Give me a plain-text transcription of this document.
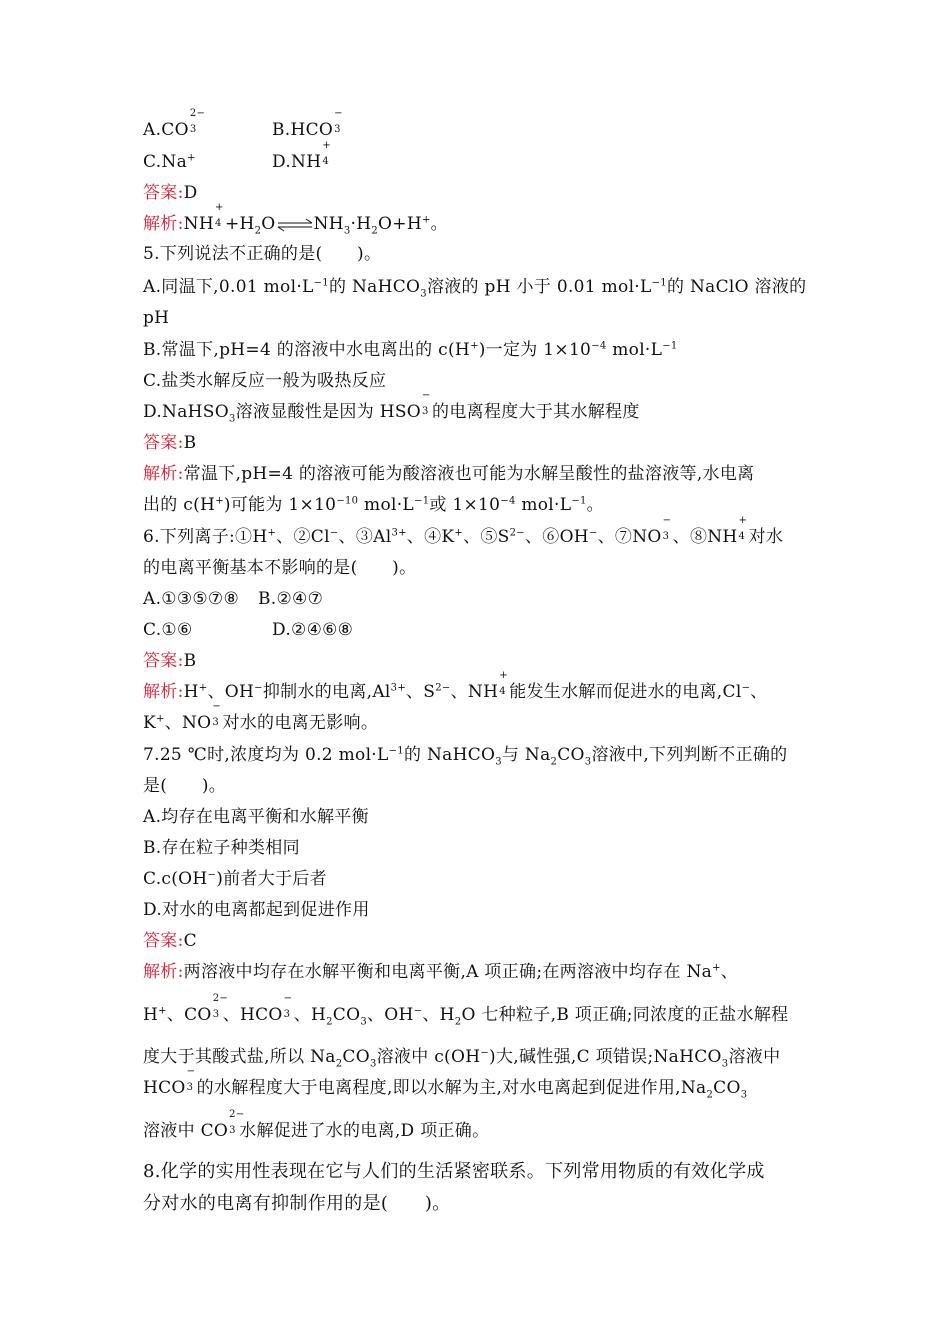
A.CO
2−
3	B.HCO
−
3
C.Na+	D.NH
+
4
答案:D
解析:NH
+
$4 +H_2O\rightleftharpoons NH_3\cdot H_2O+H^+$。
5.下列说法不正确的是(　　)。
A.同温下,0.01 $mol\cdot L^{-1}$的 NaHCO$_3$溶液的 pH 小于 0.01 $mol\cdot L^{-1}$的 NaClO 溶液的
pH
B.常温下,pH=4 的溶液中水电离出的 c(H+)一定为 $1\times 10^{-4}$ $mol\cdot L^{-1}$
C.盐类水解反应一般为吸热反应
D.NaHSO$_3$溶液显酸性是因为 HSO
−
3 的电离程度大于其水解程度
答案:B
解析:常温下,pH=4 的溶液可能为酸溶液也可能为水解呈酸性的盐溶液等,水电离
出的 c(H+)可能为 $1\times 10^{-10}$ $mol\cdot L^{-1}$或 $1\times 10^{-4}$ $mol\cdot L^{-1}$。
6.下列离子:①H+、②Cl−、$③Al^{3+}$、④K+、$⑤S^{2-}$、⑥OH−、⑦NO
−
3 、⑧NH
+
4 对水
的电离平衡基本不影响的是(　　)。
A.①③⑤⑦⑧ B.②④⑦
C.①⑥	D.②④⑥⑧
答案:B
解析:H+、OH−抑制水的电离$,Al^{3+}$、$S^{2-}$、NH
+
4 能发生水解而促进水的电离,Cl−、
K+、NO
−
3 对水的电离无影响。
7.25 ℃时,浓度均为 0.2 $mol\cdot L^{-1}$的 NaHCO$_3$与 $Na_2CO_3$溶液中,下列判断不正确的
是(　　)。
A.均存在电离平衡和水解平衡
B.存在粒子种类相同
C.c(OH−)前者大于后者
D.对水的电离都起到促进作用
答案:C
解析:两溶液中均存在水解平衡和电离平衡,A 项正确;在两溶液中均存在 Na+、
H+、CO
2−
3 、HCO
−
3 、$H_2CO_3$、OH−、$H_2O$ 七种粒子,B 项正确;同浓度的正盐水解程
度大于其酸式盐,所以 $Na_2CO_3$溶液中 c(OH−)大,碱性强,C 项错误;NaHCO$_3$溶液中
HCO
−
3 的水解程度大于电离程度,即以水解为主,对水电离起到促进作用$,Na_2CO_3$
溶液中 CO
2−
3 水解促进了水的电离,D 项正确。
8.化学的实用性表现在它与人们的生活紧密联系。下列常用物质的有效化学成
分对水的电离有抑制作用的是(　　)。
